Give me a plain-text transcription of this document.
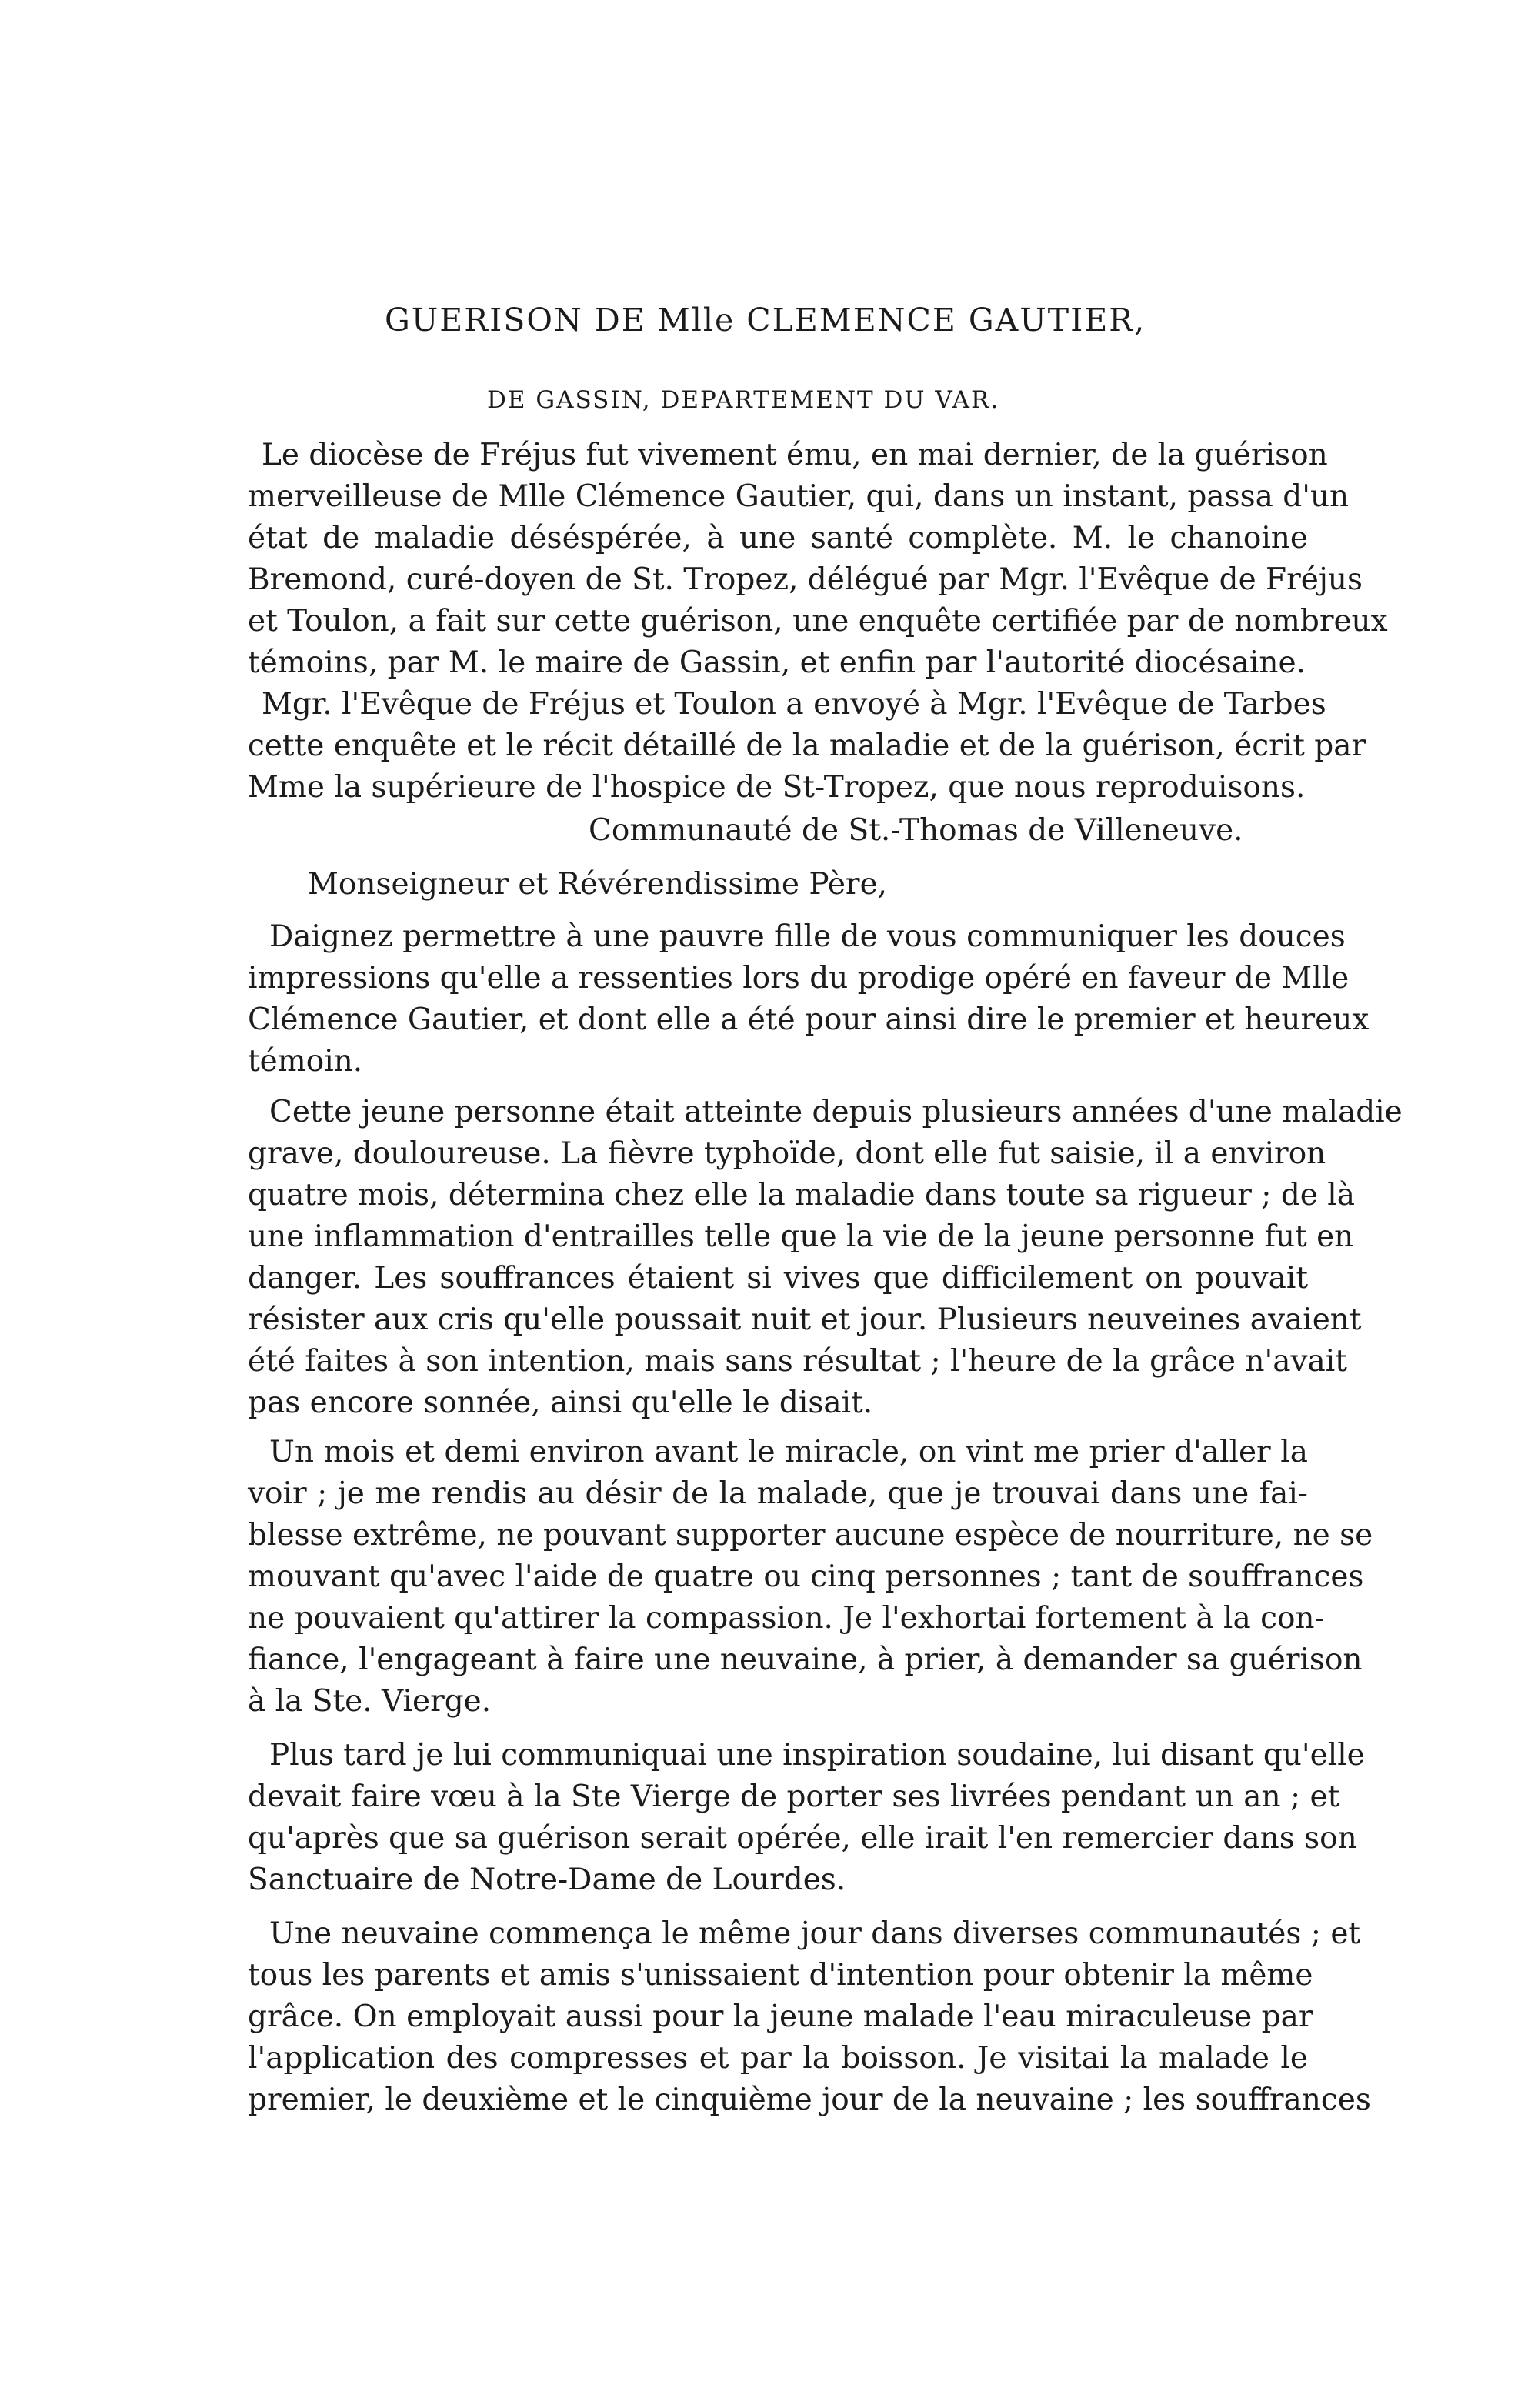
GUERISON DE Mlle CLEMENCE GAUTIER,
DE GASSIN, DEPARTEMENT DU VAR.

Le diocèse de Fréjus fut vivement ému, en mai dernier, de la guérison

merveilleuse de Mlle Clémence Gautier, qui, dans un instant, passa d'un

état de maladie déséspérée, à une santé complète. M. le chanoine

Bremond, curé-doyen de St. Tropez, délégué par Mgr. l'Evêque de Fréjus

et Toulon, a fait sur cette guérison, une enquête certifiée par de nombreux

témoins, par M. le maire de Gassin, et enfin par l'autorité diocésaine.

Mgr. l'Evêque de Fréjus et Toulon a envoyé à Mgr. l'Evêque de Tarbes

cette enquête et le récit détaillé de la maladie et de la guérison, écrit par

Mme la supérieure de l'hospice de St-Tropez, que nous reproduisons.

Communauté de St.-Thomas de Villeneuve.

Monseigneur et Révérendissime Père,

Daignez permettre à une pauvre fille de vous communiquer les douces

impressions qu'elle a ressenties lors du prodige opéré en faveur de Mlle

Clémence Gautier, et dont elle a été pour ainsi dire le premier et heureux

témoin.

Cette jeune personne était atteinte depuis plusieurs années d'une maladie

grave, douloureuse. La fièvre typhoïde, dont elle fut saisie, il a environ

quatre mois, détermina chez elle la maladie dans toute sa rigueur ; de là

une inflammation d'entrailles telle que la vie de la jeune personne fut en

danger. Les souffrances étaient si vives que difficilement on pouvait

résister aux cris qu'elle poussait nuit et jour. Plusieurs neuveines avaient

été faites à son intention, mais sans résultat ; l'heure de la grâce n'avait

pas encore sonnée, ainsi qu'elle le disait.

Un mois et demi environ avant le miracle, on vint me prier d'aller la

voir ; je me rendis au désir de la malade, que je trouvai dans une fai-

blesse extrême, ne pouvant supporter aucune espèce de nourriture, ne se

mouvant qu'avec l'aide de quatre ou cinq personnes ; tant de souffrances

ne pouvaient qu'attirer la compassion. Je l'exhortai fortement à la con-

fiance, l'engageant à faire une neuvaine, à prier, à demander sa guérison

à la Ste. Vierge.

Plus tard je lui communiquai une inspiration soudaine, lui disant qu'elle

devait faire vœu à la Ste Vierge de porter ses livrées pendant un an ; et

qu'après que sa guérison serait opérée, elle irait l'en remercier dans son

Sanctuaire de Notre-Dame de Lourdes.

Une neuvaine commença le même jour dans diverses communautés ; et

tous les parents et amis s'unissaient d'intention pour obtenir la même

grâce. On employait aussi pour la jeune malade l'eau miraculeuse par

l'application des compresses et par la boisson. Je visitai la malade le

premier, le deuxième et le cinquième jour de la neuvaine ; les souffrances
